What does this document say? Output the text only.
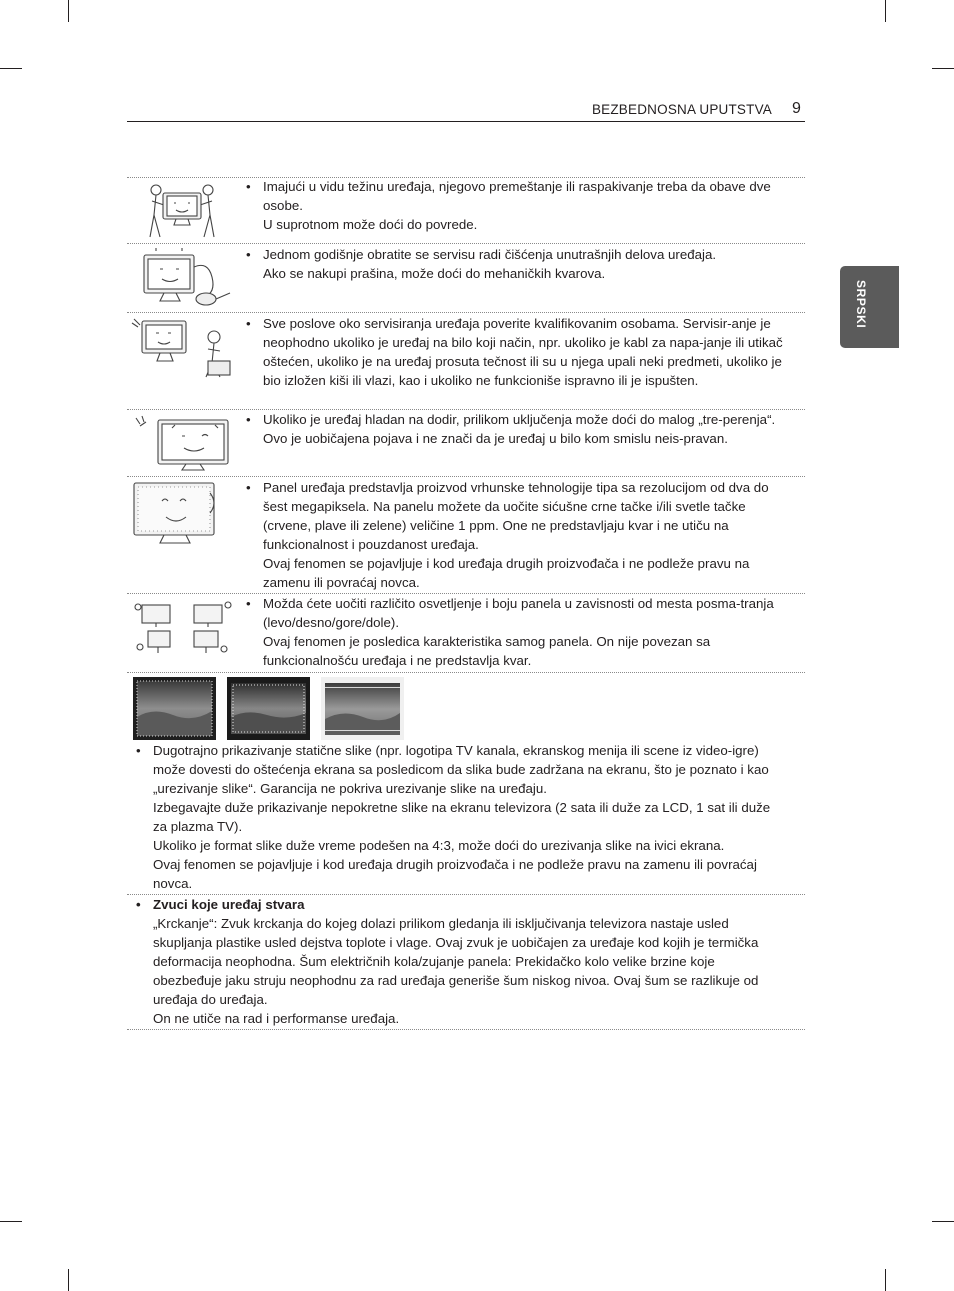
BEZBEDNOSNA UPUTSTVA 9
SRPSKI
• Imajući u vidu težinu uređaja, njegovo premeštanje ili raspakivanje treba da obave dve osobe.

U suprotnom može doći do povrede.

• Jednom godišnje obratite se servisu radi čišćenja unutrašnjih delova uređaja.

Ako se nakupi prašina, može doći do mehaničkih kvarova.

• Sve poslove oko servisiranja uređaja poverite kvalifikovanim osobama. Servisir-anje je neophodno ukoliko je uređaj na bilo koji način, npr. ukoliko je kabl za napa-janje ili utikač oštećen, ukoliko je na uređaj prosuta tečnost ili su u njega upali neki predmeti, ukoliko je bio izložen kiši ili vlazi, kao i ukoliko ne funkcioniše ispravno ili je ispušten.

• Ukoliko je uređaj hladan na dodir, prilikom uključenja može doći do malog „tre-perenja“. Ovo je uobičajena pojava i ne znači da je uređaj u bilo kom smislu neis-pravan.

• Panel uređaja predstavlja proizvod vrhunske tehnologije tipa sa rezolucijom od dva do šest megapiksela. Na panelu možete da uočite sićušne crne tačke i/ili svetle tačke (crvene, plave ili zelene) veličine 1 ppm. One ne predstavljaju kvar i ne utiču na funkcionalnost i pouzdanost uređaja.

Ovaj fenomen se pojavljuje i kod uređaja drugih proizvođača i ne podleže pravu na zamenu ili povraćaj novca.

• Možda ćete uočiti različito osvetljenje i boju panela u zavisnosti od mesta posma-tranja (levo/desno/gore/dole).

Ovaj fenomen je posledica karakteristika samog panela. On nije povezan sa funkcionalnošću uređaja i ne predstavlja kvar.

• Dugotrajno prikazivanje statične slike (npr. logotipa TV kanala, ekranskog menija ili scene iz video-igre) može dovesti do oštećenja ekrana sa posledicom da slika bude zadržana na ekranu, što je poznato i kao „urezivanje slike“. Garancija ne pokriva urezivanje slike na uređaju.

Izbegavajte duže prikazivanje nepokretne slike na ekranu televizora (2 sata ili duže za LCD, 1 sat ili duže za plazma TV).

Ukoliko je format slike duže vreme podešen na 4:3, može doći do urezivanja slike na ivici ekrana.

Ovaj fenomen se pojavljuje i kod uređaja drugih proizvođača i ne podleže pravu na zamenu ili povraćaj novca.

• Zvuci koje uređaj stvara

„Krckanje“: Zvuk krckanja do kojeg dolazi prilikom gledanja ili isključivanja televizora nastaje usled skupljanja plastike usled dejstva toplote i vlage. Ovaj zvuk je uobičajen za uređaje kod kojih je termička deformacija neophodna. Šum električnih kola/zujanje panela: Prekidačko kolo velike brzine koje obezbeđuje jaku struju neophodnu za rad uređaja generiše šum niskog nivoa. Ovaj šum se razlikuje od uređaja do uređaja.

On ne utiče na rad i performanse uređaja.
